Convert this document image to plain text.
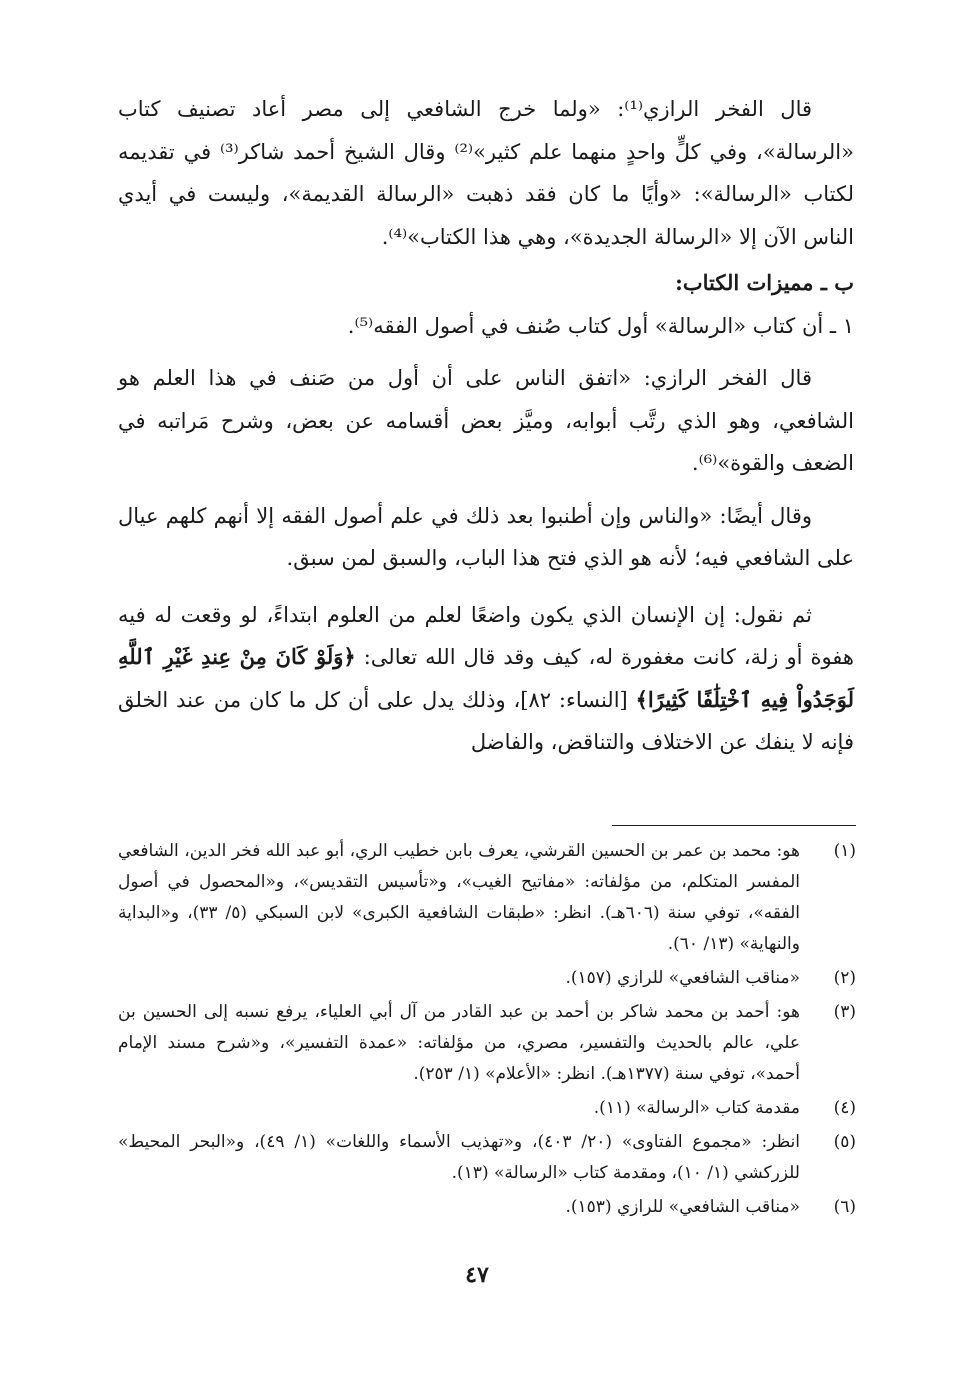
قال الفخر الرازي⁽¹⁾: «ولما خرج الشافعي إلى مصر أعاد تصنيف كتاب «الرسالة»، وفي كلٍّ واحدٍ منهما علم كثير»⁽²⁾ وقال الشيخ أحمد شاكر⁽³⁾ في تقديمه لكتاب «الرسالة»: «وأيًا ما كان فقد ذهبت «الرسالة القديمة»، وليست في أيدي الناس الآن إلا «الرسالة الجديدة»، وهي هذا الكتاب»⁽⁴⁾.

ب ـ مميزات الكتاب:

١ ـ أن كتاب «الرسالة» أول كتاب صُنف في أصول الفقه⁽⁵⁾.

قال الفخر الرازي: «اتفق الناس على أن أول من صَنف في هذا العلم هو الشافعي، وهو الذي رتَّب أبوابه، وميَّز بعض أقسامه عن بعض، وشرح مَراتبه في الضعف والقوة»⁽⁶⁾.

وقال أيضًا: «والناس وإن أطنبوا بعد ذلك في علم أصول الفقه إلا أنهم كلهم عيال على الشافعي فيه؛ لأنه هو الذي فتح هذا الباب، والسبق لمن سبق.

ثم نقول: إن الإنسان الذي يكون واضعًا لعلم من العلوم ابتداءً، لو وقعت له فيه هفوة أو زلة، كانت مغفورة له، كيف وقد قال الله تعالى: ﴿وَلَوْ كَانَ مِنْ عِندِ غَيْرِ ٱللَّهِ لَوَجَدُواْ فِيهِ ٱخْتِلَٰفًا كَثِيرًا﴾ [النساء: ٨٢]، وذلك يدل على أن كل ما كان من عند الخلق فإنه لا ينفك عن الاختلاف والتناقض، والفاضل

(١)
هو: محمد بن عمر بن الحسين القرشي، يعرف بابن خطيب الري، أبو عبد الله فخر الدين، الشافعي المفسر المتكلم، من مؤلفاته: «مفاتيح الغيب»، و«تأسيس التقديس»، و«المحصول في أصول الفقه»، توفي سنة (٦٠٦هـ). انظر: «طبقات الشافعية الكبرى» لابن السبكي (٥/ ٣٣)، و«البداية والنهاية» (١٣/ ٦٠).

(٢)
«مناقب الشافعي» للرازي (١٥٧).

(٣)
هو: أحمد بن محمد شاكر بن أحمد بن عبد القادر من آل أبي العلياء، يرفع نسبه إلى الحسين بن علي، عالم بالحديث والتفسير، مصري، من مؤلفاته: «عمدة التفسير»، و«شرح مسند الإمام أحمد»، توفي سنة (١٣٧٧هـ). انظر: «الأعلام» (١/ ٢٥٣).

(٤)
مقدمة كتاب «الرسالة» (١١).

(٥)
انظر: «مجموع الفتاوى» (٢٠/ ٤٠٣)، و«تهذيب الأسماء واللغات» (١/ ٤٩)، و«البحر المحيط» للزركشي (١/ ١٠)، ومقدمة كتاب «الرسالة» (١٣).

(٦)
«مناقب الشافعي» للرازي (١٥٣).

٤٧
